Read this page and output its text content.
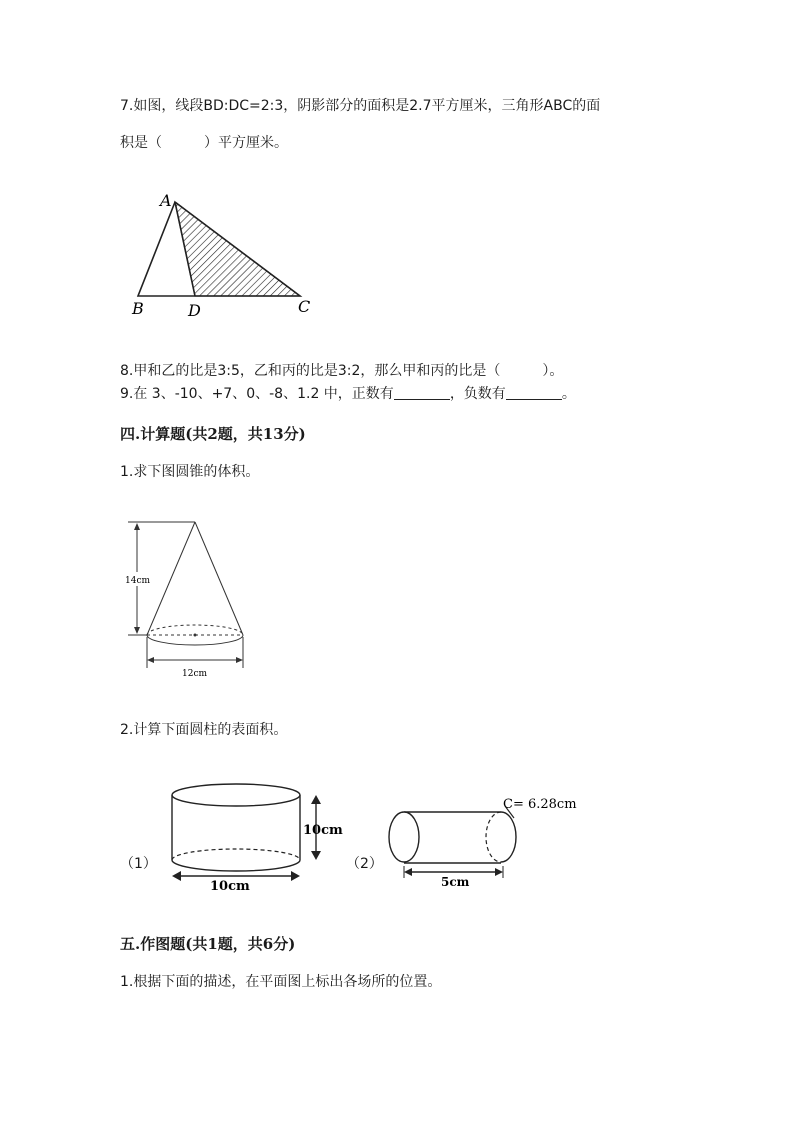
7.如图，线段BD:DC=2:3，阴影部分的面积是2.7平方厘米，三角形ABC的面
积是（　　　）平方厘米。
A
B	D	C
14cm
12cm
10cm
10cm
C= 6.28cm
5cm
8.甲和乙的比是3:5，乙和丙的比是3:2，那么甲和丙的比是（　　　）。
9.在 3、-10、+7、0、-8、1.2 中，正数有	，负数有	。
四.计算题(共2题，共13分)
1.求下图圆锥的体积。
2.计算下面圆柱的表面积。
（1）	（2）
五.作图题(共1题，共6分)
1.根据下面的描述，在平面图上标出各场所的位置。
